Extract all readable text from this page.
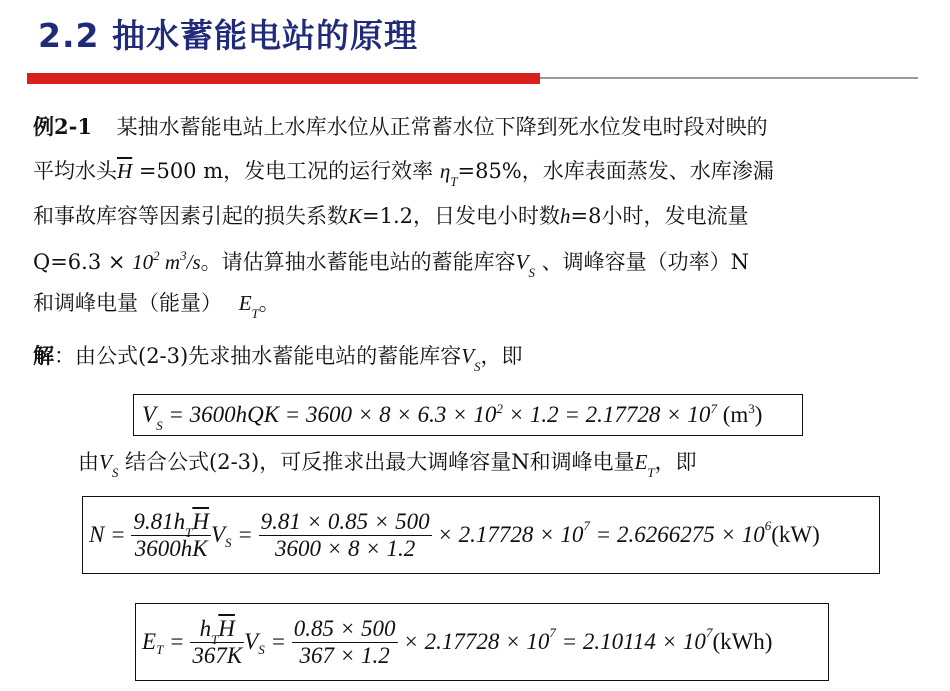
2.2 抽水蓄能电站的原理
例2-1 某抽水蓄能电站上水库水位从正常蓄水位下降到死水位发电时段对映的
平均水头$\overline{H} =500$ m，发电工况的运行效率 $\eta_T=85\%$，水库表面蒸发、水库渗漏
和事故库容等因素引起的损失系数K=1.2，日发电小时数h=8小时，发电流量
$Q=6.3 \times 10^2$ $m^3/s$。请估算抽水蓄能电站的蓄能库容$V_S$ 、调峰容量（功率）N
和调峰电量（能量） $E_T$。
解：由公式(2-3)先求抽水蓄能电站的蓄能库容$V_S$，即
$V_S = 3600hQK = 3600 \times 8 \times 6.3 \times 10^2 \times 1.2 = 2.17728 \times 10^7$ $(m^3)$
由$V_S$ 结合公式(2-3)，可反推求出最大调峰容量N和调峰电量$E_T$，即
N
=
$\frac{9.81h_T\overline{H}}{3600hK}$ V S
=
$\frac{9.81 \times 0.85 \times 500}{3600 \times 8 \times 1.2}$
× 2.17728 × 10 7
= 2.6266275 × 10 6 (kW)
E T
=
$\frac{h_T\overline{H}}{367K}$ V S
=
$\frac{0.85 \times 500}{367 \times 1.2}$
× 2.17728 × 10 7
= 2.10114 × 10 7 (kWh)
